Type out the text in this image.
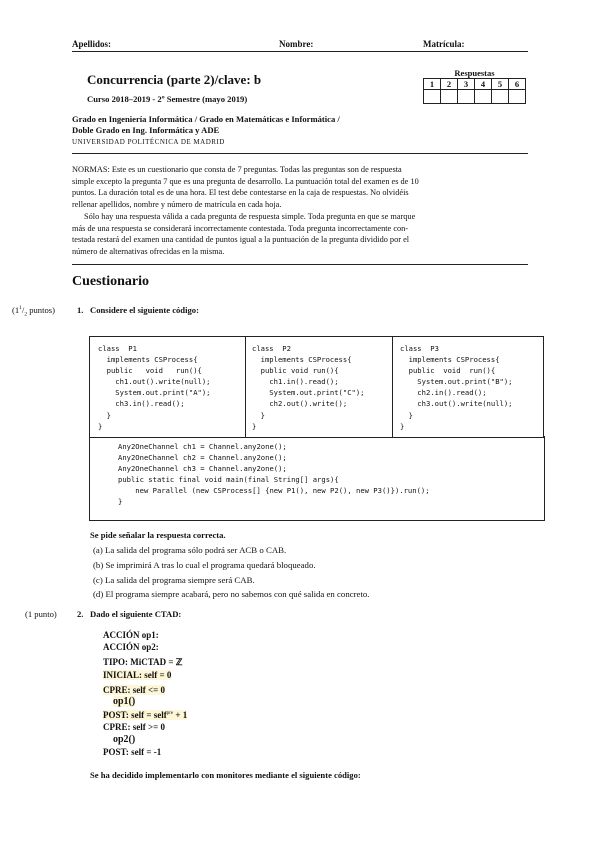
Apellidos:	Nombre:	Matrícula:
Concurrencia (parte 2)/clave: b
Curso 2018–2019 - 2º Semestre (mayo 2019)
Grado en Ingeniería Informática / Grado en Matemáticas e Informática /
Doble Grado en Ing. Informática y ADE
UNIVERSIDAD POLITÉCNICA DE MADRID
Respuestas					
1	2	3	4	5	6

NORMAS: Este es un cuestionario que consta de 7 preguntas. Todas las preguntas son de respuesta
simple excepto la pregunta 7 que es una pregunta de desarrollo. La puntuación total del examen es de 10
puntos. La duración total es de una hora. El test debe contestarse en la caja de respuestas. No olvidéis
rellenar apellidos, nombre y número de matrícula en cada hoja.
Sólo hay una respuesta válida a cada pregunta de respuesta simple. Toda pregunta en que se marque
más de una respuesta se considerará incorrectamente contestada. Toda pregunta incorrectamente con-
testada restará del examen una cantidad de puntos igual a la puntuación de la pregunta dividido por el
número de alternativas ofrecidas en la misma.
Cuestionario
($1^1/_2$ puntos)	1. Considere el siguiente código:
class  P1
implements CSProcess{
public   void   run(){
ch1.out().write(null);
System.out.print("A");
ch3.in().read();
}
}
class  P2
implements CSProcess{
public void run(){
ch1.in().read();
System.out.print("C");
ch2.out().write();
}
}
class  P3
implements CSProcess{
public  void  run(){
System.out.print("B");
ch2.in().read();
ch3.out().write(null);
}
}
Any2OneChannel ch1 = Channel.any2one();
Any2OneChannel ch2 = Channel.any2one();
Any2OneChannel ch3 = Channel.any2one();
public static final void main(final String[] args){
new Parallel (new CSProcess[] {new P1(), new P2(), new P3()}).run();
}
Se pide señalar la respuesta correcta.
(a) La salida del programa sólo podrá ser ACB o CAB.
(b) Se imprimirá A tras lo cual el programa quedará bloqueado.
(c) La salida del programa siempre será CAB.
(d) El programa siempre acabará, pero no sabemos con qué salida en concreto.
(1 punto) 2. Dado el siguiente CTAD:
ACCIÓN op1:
ACCIÓN op2:
TIPO: MiCTAD = ℤ
INICIAL: self = 0
CPRE: self <= 0
op1()
POST: self = self$^{pre}$ + 1
CPRE: self >= 0
op2()
POST: self = -1
Se ha decidido implementarlo con monitores mediante el siguiente código:
